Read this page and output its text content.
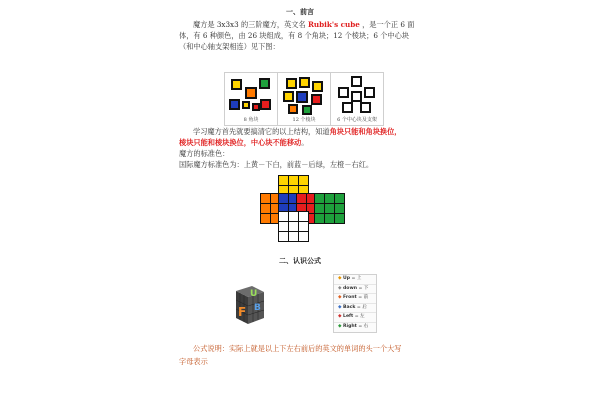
一、前言
魔方是 3x3x3 的三阶魔方，英文名 Rubik's cube ，是一个正 6 面
体，有 6 种颜色，由 26 块组成，有 8 个角块；12 个棱块；6 个中心块
（和中心轴支架相连）见下图：
8 角块	12 个棱块	6 个中心块及支架
学习魔方首先就要搞清它的以上结构，知道角块只能和角块换位，
棱块只能和棱块换位，中心块不能移动。
魔方的标准色：
国际魔方标准色为：上黄－下白，前蓝－后绿，左橙－右红。
二、认识公式
U
F B
◆ Up = 上
◆ down = 下
◆ Front = 前
◆ Back = 后
◆ Left = 左
◆ Right = 右
公式说明：实际上就是以上下左右前后的英文的单词的头一个大写
字母表示
